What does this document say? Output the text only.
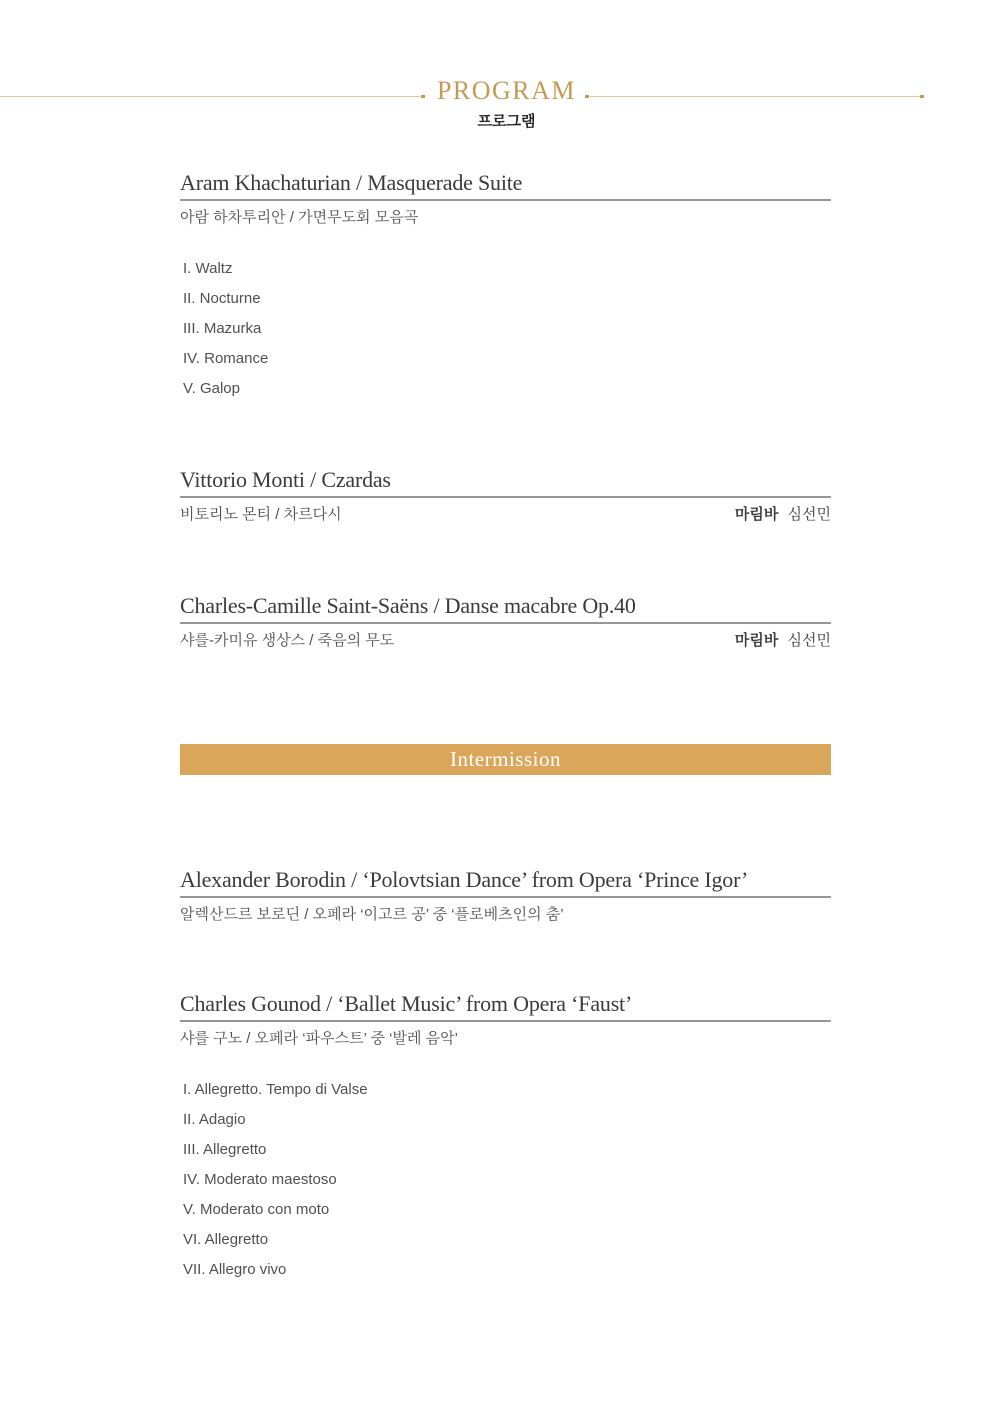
PROGRAM
프로그램
Aram Khachaturian / Masquerade Suite
아람 하차투리안 / 가면무도회 모음곡
I. Waltz
II. Nocturne
III. Mazurka
IV. Romance
V. Galop
Vittorio Monti / Czardas
비토리노 몬티 / 차르다시	마림바 심선민
Charles-Camille Saint-Saëns / Danse macabre Op.40
샤를-카미유 생상스 / 죽음의 무도	마림바 심선민
Intermission
Alexander Borodin / ‘Polovtsian Dance’ from Opera ‘Prince Igor’
알렉산드르 보로딘 / 오페라 ‘이고르 공’ 중 ‘플로베츠인의 춤’
Charles Gounod / ‘Ballet Music’ from Opera ‘Faust’
샤를 구노 / 오페라 ‘파우스트’ 중 ‘발레 음악’
I. Allegretto. Tempo di Valse
II. Adagio
III. Allegretto
IV. Moderato maestoso
V. Moderato con moto
VI. Allegretto
VII. Allegro vivo
